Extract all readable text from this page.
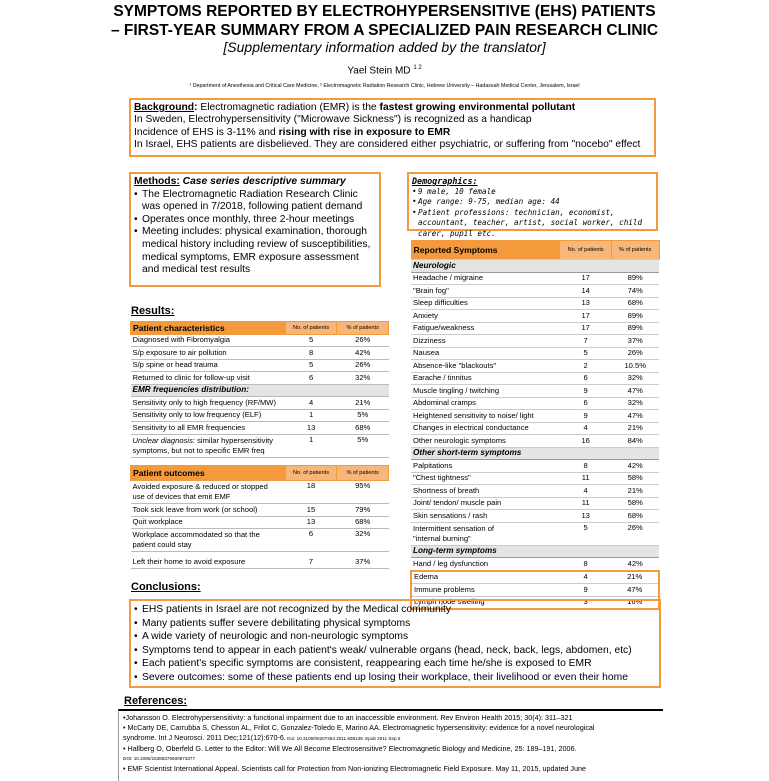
SYMPTOMS REPORTED BY ELECTROHYPERSENSITIVE (EHS) PATIENTS
– FIRST-YEAR SUMMARY FROM A SPECIALIZED PAIN RESEARCH CLINIC
[Supplementary information added by the translator]
Yael Stein MD $^{1 2}$
¹ Department of Anesthesia and Critical Care Medicine, ² Electromagnetic Radiation Research Clinic, Hebrew University – Hadassah Medical Center, Jerusalem, Israel
Background: Electromagnetic radiation (EMR) is the fastest growing environmental pollutant
In Sweden, Electrohypersensitivity ("Microwave Sickness") is recognized as a handicap
Incidence of EHS is 3-11% and rising with rise in exposure to EMR
In Israel, EHS patients are disbelieved. They are considered either psychiatric, or suffering from "nocebo" effect
Methods: Case series descriptive summary
• The Electromagnetic Radiation Research Clinic was opened in 7/2018, following patient demand
• Operates once monthly, three 2-hour meetings
• Meeting includes: physical examination, thorough medical history including review of susceptibilities, medical symptoms, EMR exposure assessment and medical test results
Demographics:
• 9 male, 10 female
• Age range: 9-75, median age: 44
• Patient professions: technician, economist, accountant, teacher, artist, social worker, child carer, pupil etc.
Results:
Patient characteristics	No. of patients	% of patients
Diagnosed with Fibromyalgia	5	26%
S/p exposure to air pollution	8	42%
S/p spine or head trauma	5	26%
Returned to clinic for follow-up visit	6	32%
EMR frequencies distribution:		
Sensitivity only to high frequency (RF/MW)	4	21%
Sensitivity only to low frequency (ELF)	1	5%
Sensitivity to all EMR frequencies	13	68%
Unclear diagnosis: similar hypersensitivity
symptoms, but not to specific EMR freq	1	5%
Patient outcomes	No. of patients	% of patients
Avoided exposure & reduced or stopped
use of devices that emit EMF	18	95%
Took sick leave from work (or school)	15	79%
Quit workplace	13	68%
Workplace accommodated so that the
patient could stay	6	32%

Left their home to avoid exposure	7	37%
Reported Symptoms	No. of patients	% of patients
Neurologic		
Headache / migraine	17	89%
"Brain fog"	14	74%
Sleep difficulties	13	68%
Anxiety	17	89%
Fatigue/weakness	17	89%
Dizziness	7	37%
Nausea	5	26%
Absence-like "blackouts"	2	10.5%
Earache / tinnitus	6	32%
Muscle tingling / twitching	9	47%
Abdominal cramps	6	32%
Heightened sensitivity to noise/ light	9	47%
Changes in electrical conductance	4	21%
Other neurologic symptoms	16	84%
Other short-term symptoms		
Palpitations	8	42%
"Chest tightness"	11	58%
Shortness of breath	4	21%
Joint/ tendon/ muscle pain	11	58%
Skin sensations / rash	13	68%
Intermittent sensation of
"internal burning"	5	26%
Long-term symptoms		
Hand / leg dysfunction	8	42%
Edema	4	21%
Immune problems	9	47%
Lymph node swelling	3	16%
Conclusions:
• EHS patients in Israel are not recognized by the Medical community
• Many patients suffer severe debilitating physical symptoms
• A wide variety of neurologic and non-neurologic symptoms
• Symptoms tend to appear in each patient's weak/ vulnerable organs (head, neck, back, legs, abdomen, etc)
• Each patient's specific symptoms are consistent, reappearing each time he/she is exposed to EMR
• Severe outcomes: some of these patients end up losing their workplace, their livelihood or even their home
References:
•Johansson O. Electrohypersensitivity: a functional impairment due to an inaccessible environment. Rev Environ Health 2015; 30(4): 311–321
• McCarty DE, Carrubba S, Chesson AL, Frilot C, Gonzalez-Toledo E, Marino AA. Electromagnetic hypersensitivity: evidence for a novel neurological
syndrome. Int J Neurosci. 2011 Dec;121(12):670-6. Doi: 10.3109/00207454.2011.608139. Epub 2011 Sep 5
• Hallberg O, Oberfeld G. Letter to the Editor: Will We All Become Electrosensitive? Electromagnetic Biology and Medicine, 25: 189–191, 2006.
DOI: 10.1080/15368370600873377
• EMF Scientist International Appeal. Scientists call for Protection from Non-ionizing Electromagnetic Field Exposure. May 11, 2015, updated June
